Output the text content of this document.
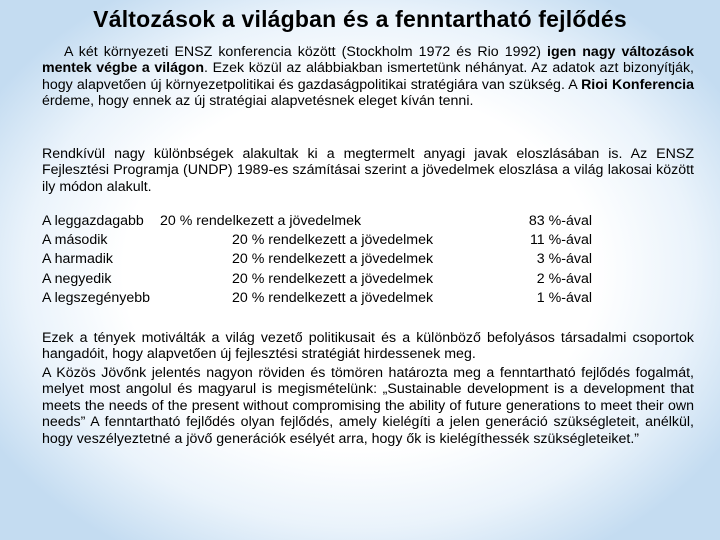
Változások a világban és a fenntartható fejlődés
A két környezeti ENSZ konferencia között (Stockholm 1972 és Rio 1992) igen nagy változások mentek végbe a világon. Ezek közül az alábbiakban ismertetünk néhányat. Az adatok azt bizonyítják, hogy alapvetően új környezetpolitikai és gazdaságpolitikai stratégiára van szükség. A Rioi Konferencia érdeme, hogy ennek az új stratégiai alapvetésnek eleget kíván tenni.
Rendkívül nagy különbségek alakultak ki a megtermelt anyagi javak eloszlásában is. Az ENSZ Fejlesztési Programja (UNDP) 1989-es számításai szerint a jövedelmek eloszlása a világ lakosai között ily módon alakult.
A leggazdagabb 20 % rendelkezett a jövedelmek	83 %-ával
A második	20 % rendelkezett a jövedelmek	11 %-ával
A harmadik	20 % rendelkezett a jövedelmek	3 %-ával
A negyedik	20 % rendelkezett a jövedelmek	2 %-ával
A legszegényebb	20 % rendelkezett a jövedelmek	1 %-ával
Ezek a tények motiválták a világ vezető politikusait és a különböző befolyásos társadalmi csoportok hangadóit, hogy alapvetően új fejlesztési stratégiát hirdessenek meg.
A Közös Jövőnk jelentés nagyon röviden és tömören határozta meg a fenntartható fejlődés fogalmát, melyet most angolul és magyarul is megismételünk: „Sustainable development is a development that meets the needs of the present without compromising the ability of future generations to meet their own needs” A fenntartható fejlődés olyan fejlődés, amely kielégíti a jelen generáció szükségleteit, anélkül, hogy veszélyeztetné a jövő generációk esélyét arra, hogy ők is kielégíthessék szükségleteiket.”
